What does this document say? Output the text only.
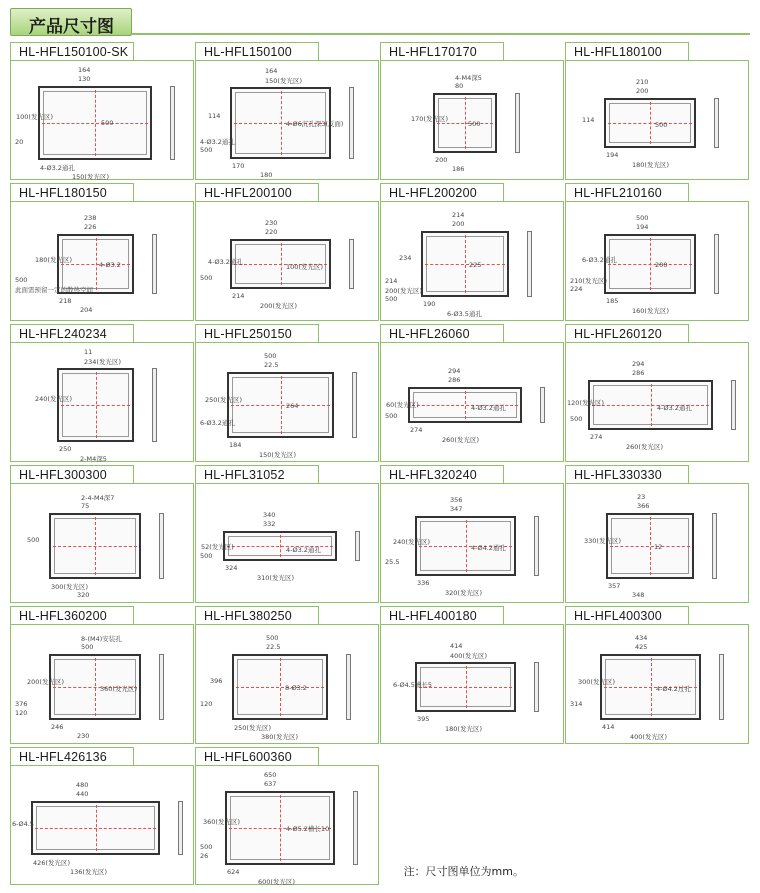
产品尺寸图
HL-HFL150100-SK
164
130
4-Ø3.2通孔
150(发光区)
100(发光区)
500
20
HL-HFL150100
164
150(发光区)
170
180
114
4-Ø6沉孔深3(反面)
4-Ø3.2通孔
500
HL-HFL170170
4-M4深5
80
200
186
170(发光区)
500
HL-HFL180100
210
200
194
180(发光区)
114
500
HL-HFL180150
238
226
218
204
180(发光区)
4-Ø3.2
500
此面需预留一定的散热空间
HL-HFL200100
230
220
214
200(发光区)
4-Ø3.2通孔
100(发光区)
500
HL-HFL200200
214
200
190
6-Ø3.5通孔
234
225
214
200(发光区)
500
HL-HFL210160
500
194
185
160(发光区)
6-Ø3.2通孔
200
210(发光区)
224
HL-HFL240234
11
234(发光区)
250
2-M4深5
240(发光区)
HL-HFL250150
500
22.5
184
150(发光区)
250(发光区)
264
6-Ø3.2通孔
HL-HFL26060
294
286
274
260(发光区)
60(发光区)	4-Ø3.2通孔
500
HL-HFL260120
294
286
274
260(发光区)
120(发光区)
4-Ø3.2通孔
500
HL-HFL300300
2-4-M4深7
75
300(发光区)
320
500
HL-HFL31052
340
332
324
310(发光区)
52(发光区)	4-Ø3.2通孔
500
HL-HFL320240
356
347
336
320(发光区)
240(发光区)
4-Ø4.2通孔
25.5
HL-HFL330330
23
366
357
348
330(发光区)
12
HL-HFL360200
8-(M4)安装孔
500
246
230
200(发光区)
360(发光区)
376
120
HL-HFL380250
500
22.5
250(发光区)
380(发光区)
396
8-Ø3.2
120
HL-HFL400180
414
400(发光区)
395
180(发光区)
6-Ø4.5槽长5
HL-HFL400300
434
425
414
400(发光区)
300(发光区)
4-Ø4.2过孔
314
HL-HFL426136
480
440
426(发光区)
136(发光区)
6-Ø4.5
HL-HFL600360
650
637
624
600(发光区)
360(发光区)
4-Ø5.2槽长10
500
26
注：尺寸图单位为mm。
